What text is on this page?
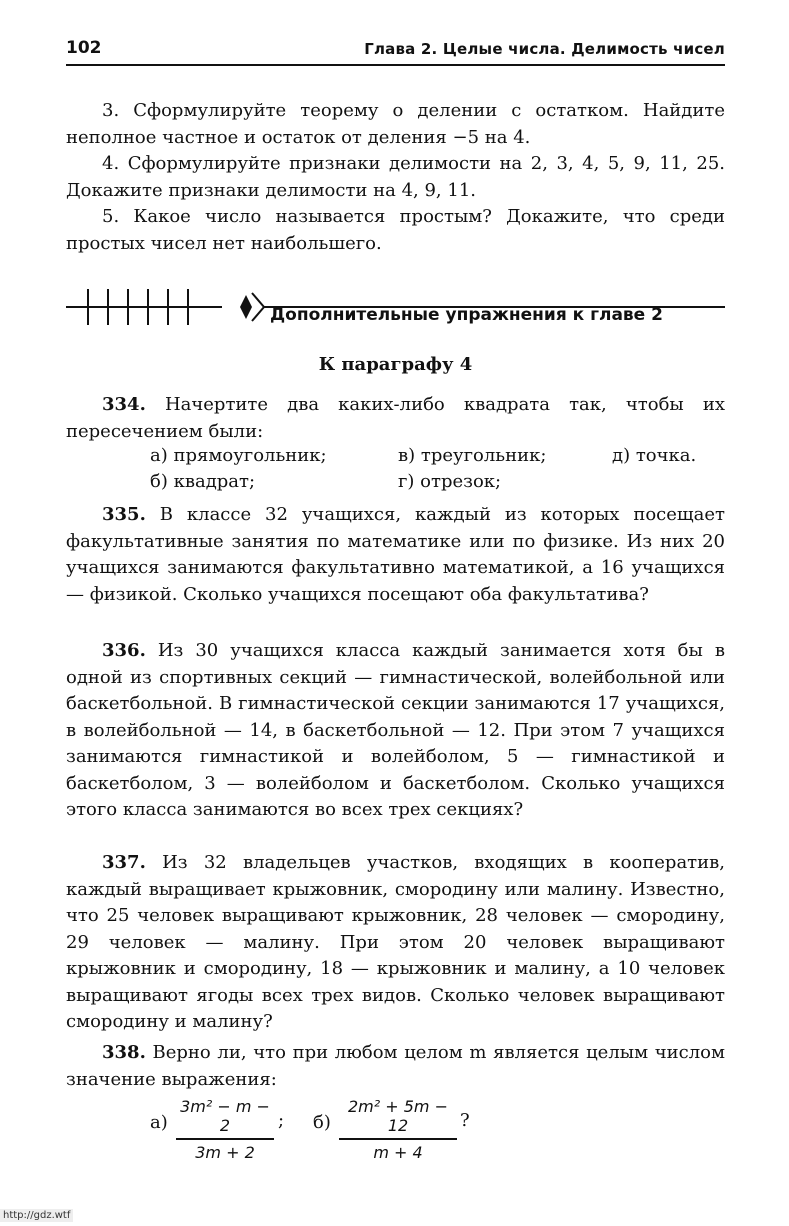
102	Глава 2. Целые числа. Делимость чисел

3. Сформулируйте теорему о делении с остатком. Найдите неполное частное и остаток от деления −5 на 4.

4. Сформулируйте признаки делимости на 2, 3, 4, 5, 9, 11, 25. Докажите признаки делимости на 4, 9, 11.

5. Какое число называется простым? Докажите, что среди простых чисел нет наибольшего.

Дополнительные упражнения к главе 2
К параграфу 4

334. Начертите два каких-либо квадрата так, чтобы их пересечением были:

а) прямоугольник;	в) треугольник;	д) точка.
б) квадрат;	г) отрезок;

335. В классе 32 учащихся, каждый из которых посещает факультативные занятия по математике или по физике. Из них 20 учащихся занимаются факультативно математикой, а 16 учащихся — физикой. Сколько учащихся посещают оба факультатива?

336. Из 30 учащихся класса каждый занимается хотя бы в одной из спортивных секций — гимнастической, волейбольной или баскетбольной. В гимнастической секции занимаются 17 учащихся, в волейбольной — 14, в баскетбольной — 12. При этом 7 учащихся занимаются гимнастикой и волейболом, 5 — гимнастикой и баскетболом, 3 — волейболом и баскетболом. Сколько учащихся этого класса занимаются во всех трех секциях?

337. Из 32 владельцев участков, входящих в кооператив, каждый выращивает крыжовник, смородину или малину. Известно, что 25 человек выращивают крыжовник, 28 человек — смородину, 29 человек — малину. При этом 20 человек выращивают крыжовник и смородину, 18 — крыжовник и малину, а 10 человек выращивают ягоды всех трех видов. Сколько человек выращивают смородину и малину?

338. Верно ли, что при любом целом m является целым числом значение выражения:

а)
3m² − m − 2
3m + 2
; б)
2m² + 5m − 12
m + 4
?
http://gdz.wtf
